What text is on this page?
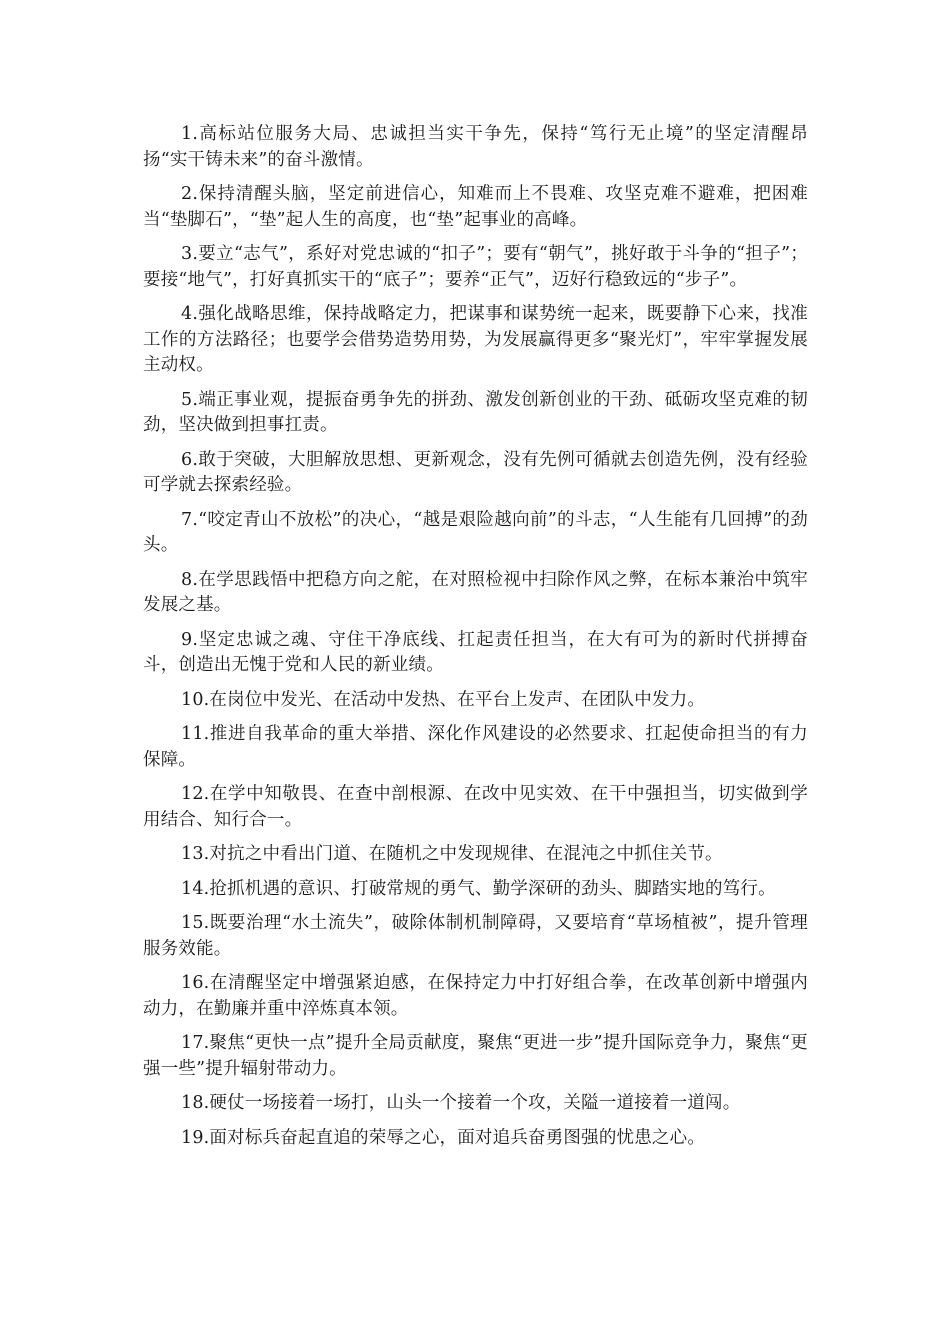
1.高标站位服务大局、忠诚担当实干争先，保持“笃行无止境”的坚定清醒昂扬“实干铸未来”的奋斗激情。

2.保持清醒头脑，坚定前进信心，知难而上不畏难、攻坚克难不避难，把困难当“垫脚石”，“垫”起人生的高度，也“垫”起事业的高峰。

3.要立“志气”，系好对党忠诚的“扣子”；要有“朝气”，挑好敢于斗争的“担子”；要接“地气”，打好真抓实干的“底子”；要养“正气”，迈好行稳致远的“步子”。

4.强化战略思维，保持战略定力，把谋事和谋势统一起来，既要静下心来，找准工作的方法路径；也要学会借势造势用势，为发展赢得更多“聚光灯”，牢牢掌握发展主动权。

5.端正事业观，提振奋勇争先的拼劲、激发创新创业的干劲、砥砺攻坚克难的韧劲，坚决做到担事扛责。

6.敢于突破，大胆解放思想、更新观念，没有先例可循就去创造先例，没有经验可学就去探索经验。

7.“咬定青山不放松”的决心，“越是艰险越向前”的斗志，“人生能有几回搏”的劲头。

8.在学思践悟中把稳方向之舵，在对照检视中扫除作风之弊，在标本兼治中筑牢发展之基。

9.坚定忠诚之魂、守住干净底线、扛起责任担当，在大有可为的新时代拼搏奋斗，创造出无愧于党和人民的新业绩。

10.在岗位中发光、在活动中发热、在平台上发声、在团队中发力。

11.推进自我革命的重大举措、深化作风建设的必然要求、扛起使命担当的有力保障。

12.在学中知敬畏、在查中剖根源、在改中见实效、在干中强担当，切实做到学用结合、知行合一。

13.对抗之中看出门道、在随机之中发现规律、在混沌之中抓住关节。

14.抢抓机遇的意识、打破常规的勇气、勤学深研的劲头、脚踏实地的笃行。

15.既要治理“水土流失”，破除体制机制障碍，又要培育“草场植被”，提升管理服务效能。

16.在清醒坚定中增强紧迫感，在保持定力中打好组合拳，在改革创新中增强内动力，在勤廉并重中淬炼真本领。

17.聚焦“更快一点”提升全局贡献度，聚焦“更进一步”提升国际竞争力，聚焦“更强一些”提升辐射带动力。

18.硬仗一场接着一场打，山头一个接着一个攻，关隘一道接着一道闯。

19.面对标兵奋起直追的荣辱之心，面对追兵奋勇图强的忧患之心。
